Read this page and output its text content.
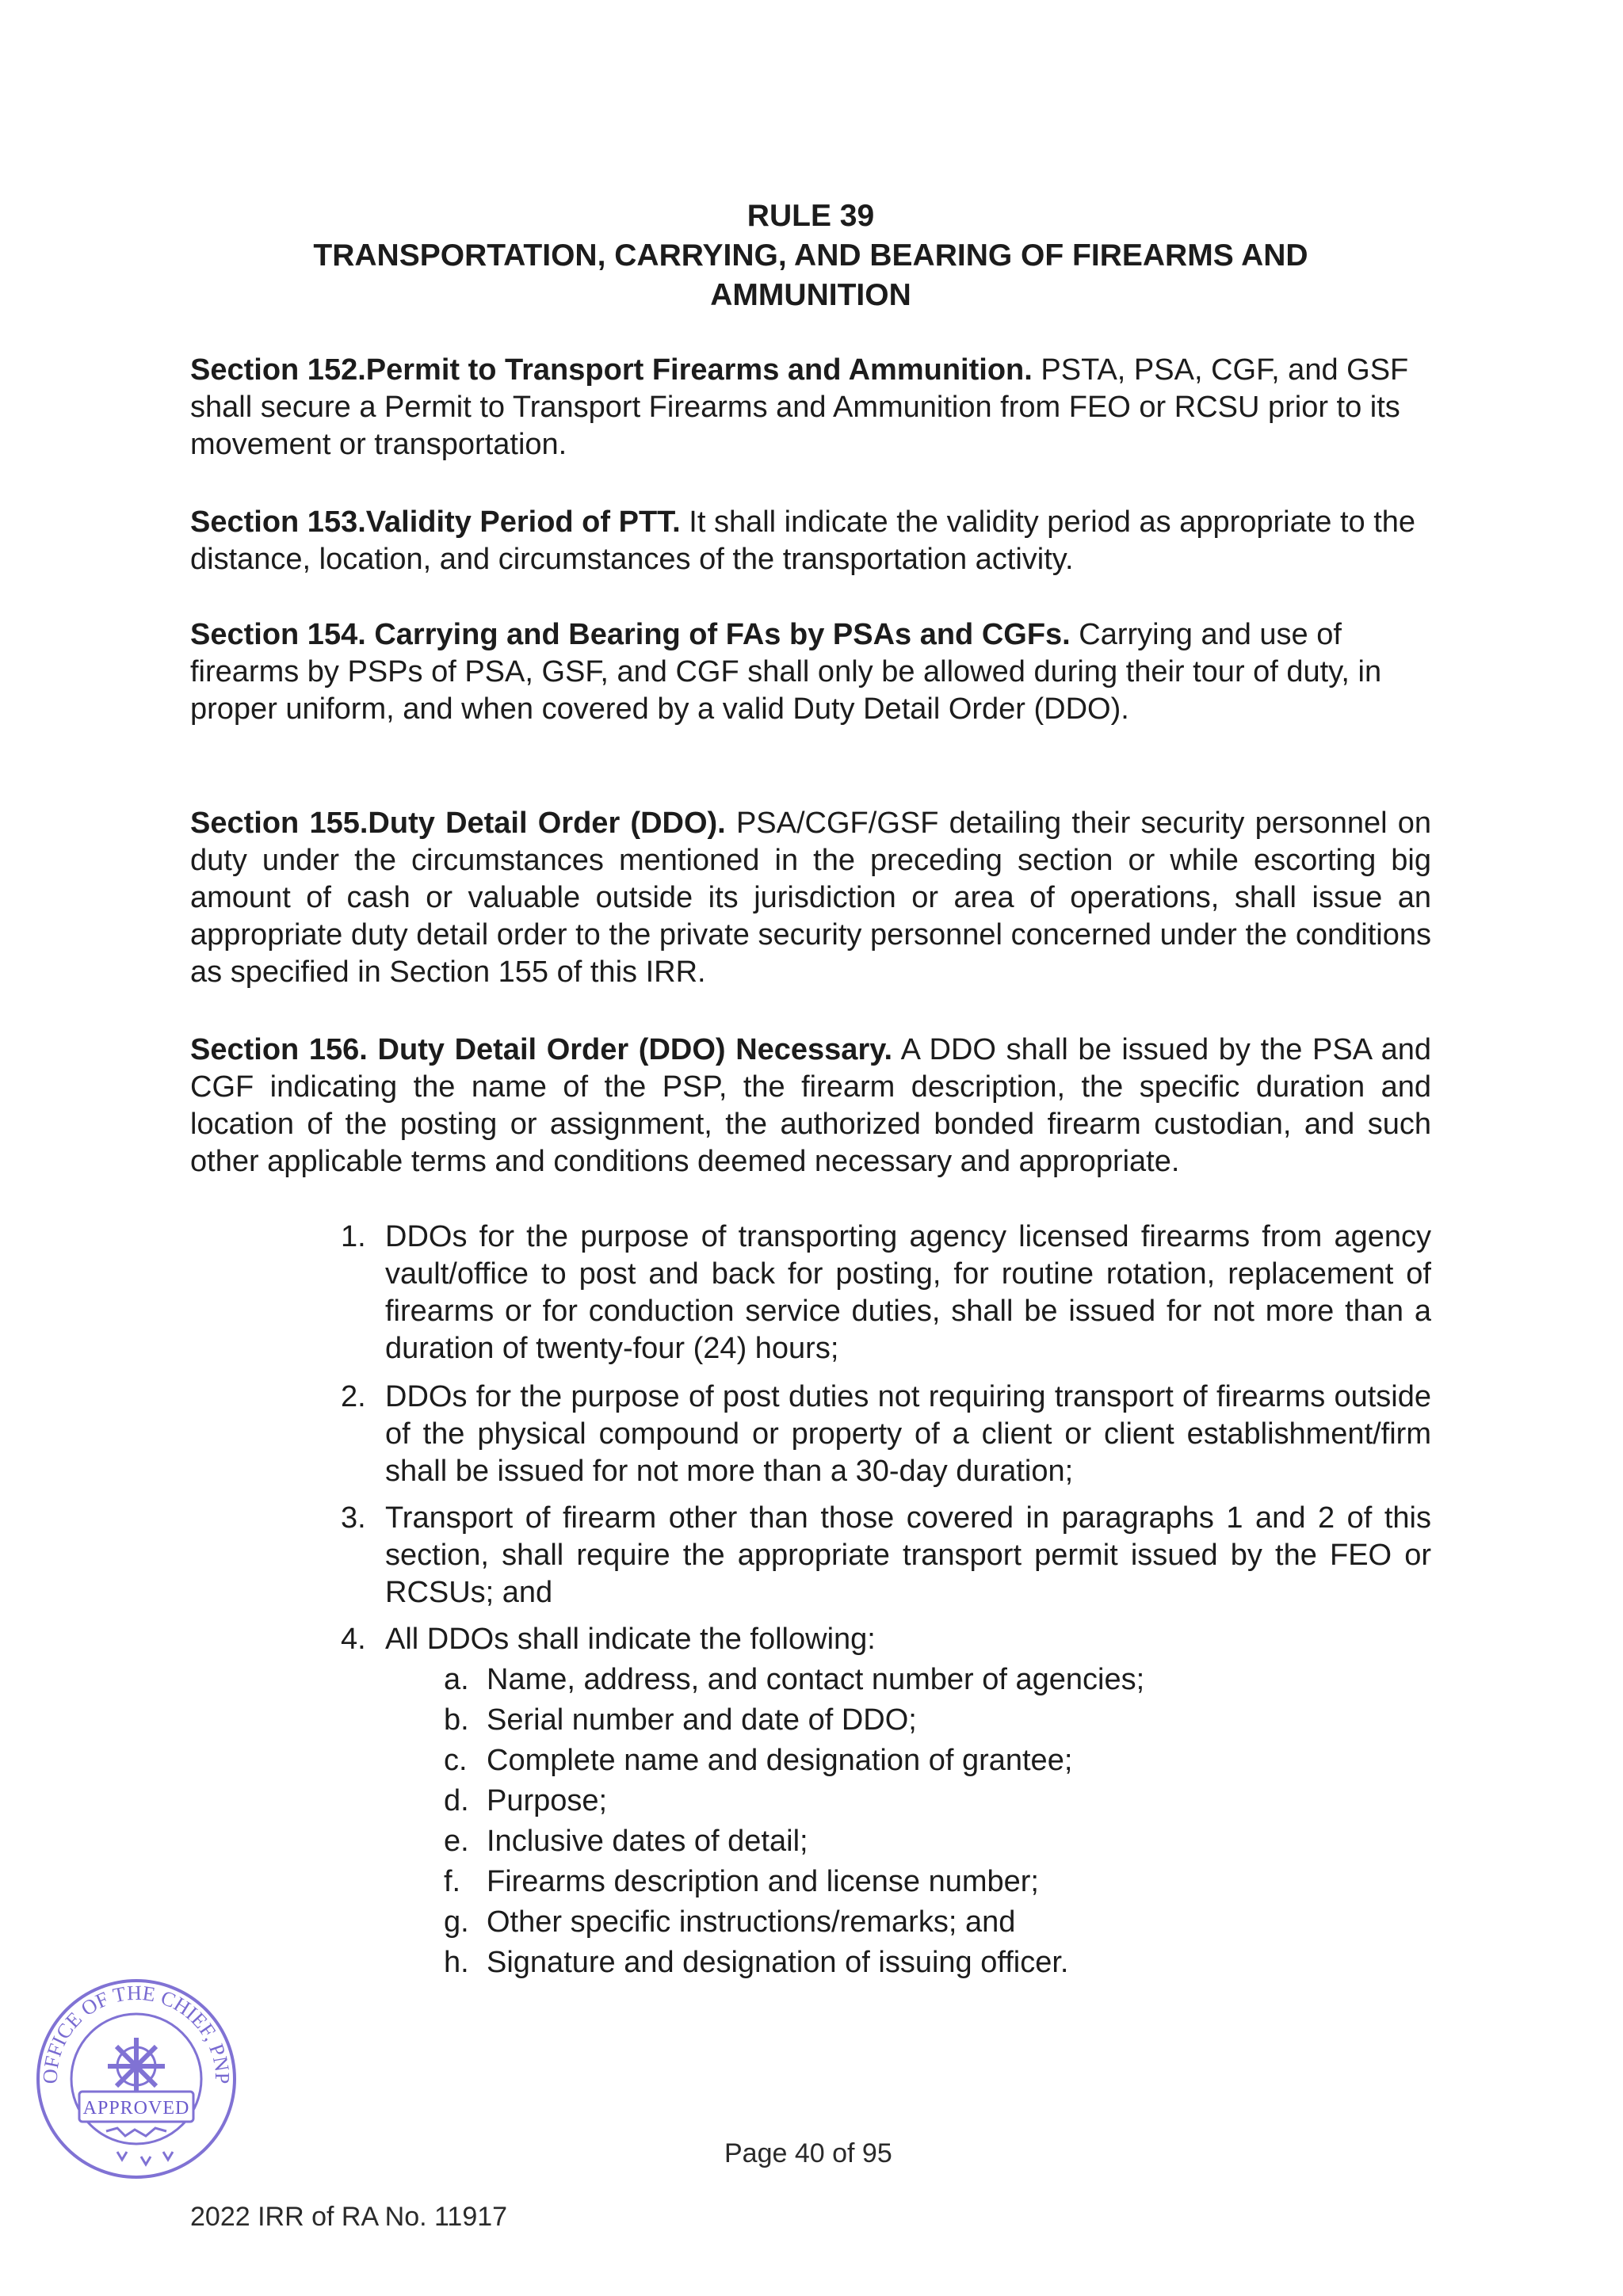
RULE 39
TRANSPORTATION, CARRYING, AND BEARING OF FIREARMS AND
AMMUNITION

Section 152.Permit to Transport Firearms and Ammunition. PSTA, PSA, CGF, and GSF shall secure a Permit to Transport Firearms and Ammunition from FEO or RCSU prior to its movement or transportation.

Section 153.Validity Period of PTT. It shall indicate the validity period as appropriate to the distance, location, and circumstances of the transportation activity.

Section 154. Carrying and Bearing of FAs by PSAs and CGFs. Carrying and use of firearms by PSPs of PSA, GSF, and CGF shall only be allowed during their tour of duty, in proper uniform, and when covered by a valid Duty Detail Order (DDO).

Section 155.Duty Detail Order (DDO). PSA/CGF/GSF detailing their security personnel on duty under the circumstances mentioned in the preceding section or while escorting big amount of cash or valuable outside its jurisdiction or area of operations, shall issue an appropriate duty detail order to the private security personnel concerned under the conditions as specified in Section 155 of this IRR.

Section 156. Duty Detail Order (DDO) Necessary. A DDO shall be issued by the PSA and CGF indicating the name of the PSP, the firearm description, the specific duration and location of the posting or assignment, the authorized bonded firearm custodian, and such other applicable terms and conditions deemed necessary and appropriate.

1. DDOs for the purpose of transporting agency licensed firearms from agency vault/office to post and back for posting, for routine rotation, replacement of firearms or for conduction service duties, shall be issued for not more than a duration of twenty-four (24) hours;
2. DDOs for the purpose of post duties not requiring transport of firearms outside of the physical compound or property of a client or client establishment/firm shall be issued for not more than a 30-day duration;
3. Transport of firearm other than those covered in paragraphs 1 and 2 of this section, shall require the appropriate transport permit issued by the FEO or RCSUs; and
4. All DDOs shall indicate the following:
a. Name, address, and contact number of agencies;
b. Serial number and date of DDO;
c. Complete name and designation of grantee;
d. Purpose;
e. Inclusive dates of detail;
f. Firearms description and license number;
g. Other specific instructions/remarks; and
h. Signature and designation of issuing officer.
OFFICE OF THE CHIEF, PNP
APPROVED
Page 40 of 95
2022 IRR of RA No. 11917
